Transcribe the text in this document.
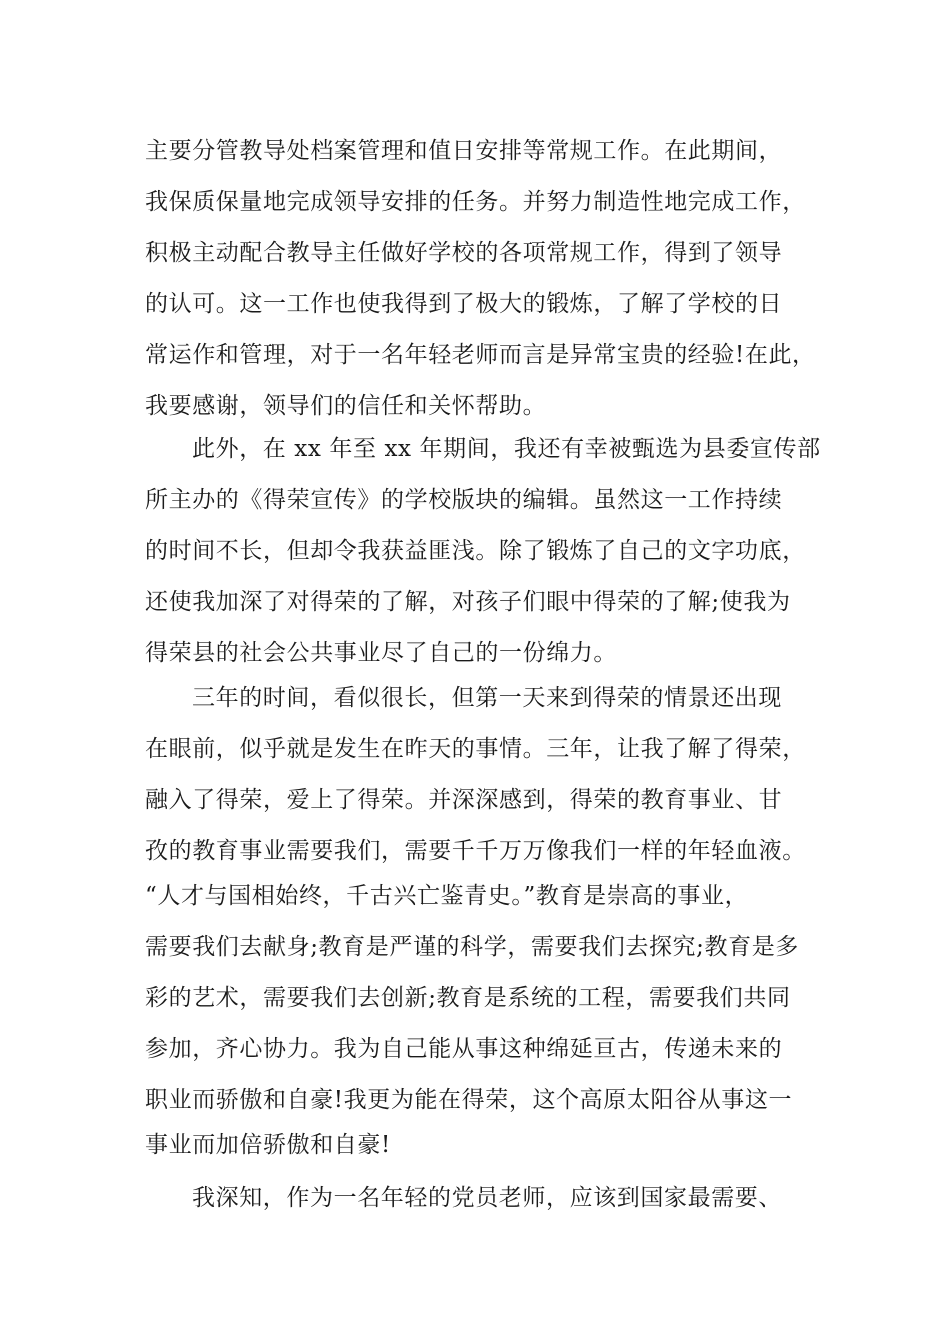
主要分管教导处档案管理和值日安排等常规工作。在此期间，
我保质保量地完成领导安排的任务。并努力制造性地完成工作，
积极主动配合教导主任做好学校的各项常规工作，得到了领导
的认可。这一工作也使我得到了极大的锻炼，了解了学校的日
常运作和管理，对于一名年轻老师而言是异常宝贵的经验!在此，
我要感谢，领导们的信任和关怀帮助。
此外，在 xx 年至 xx 年期间，我还有幸被甄选为县委宣传部
所主办的《得荣宣传》的学校版块的编辑。虽然这一工作持续
的时间不长，但却令我获益匪浅。除了锻炼了自己的文字功底，
还使我加深了对得荣的了解，对孩子们眼中得荣的了解;使我为
得荣县的社会公共事业尽了自己的一份绵力。
三年的时间，看似很长，但第一天来到得荣的情景还出现
在眼前，似乎就是发生在昨天的事情。三年，让我了解了得荣，
融入了得荣，爱上了得荣。并深深感到，得荣的教育事业、甘
孜的教育事业需要我们，需要千千万万像我们一样的年轻血液。
“人才与国相始终，千古兴亡鉴青史。”教育是崇高的事业，
需要我们去献身;教育是严谨的科学，需要我们去探究;教育是多
彩的艺术，需要我们去创新;教育是系统的工程，需要我们共同
参加，齐心协力。我为自己能从事这种绵延亘古，传递未来的
职业而骄傲和自豪!我更为能在得荣，这个高原太阳谷从事这一
事业而加倍骄傲和自豪!
我深知，作为一名年轻的党员老师，应该到国家最需要、
